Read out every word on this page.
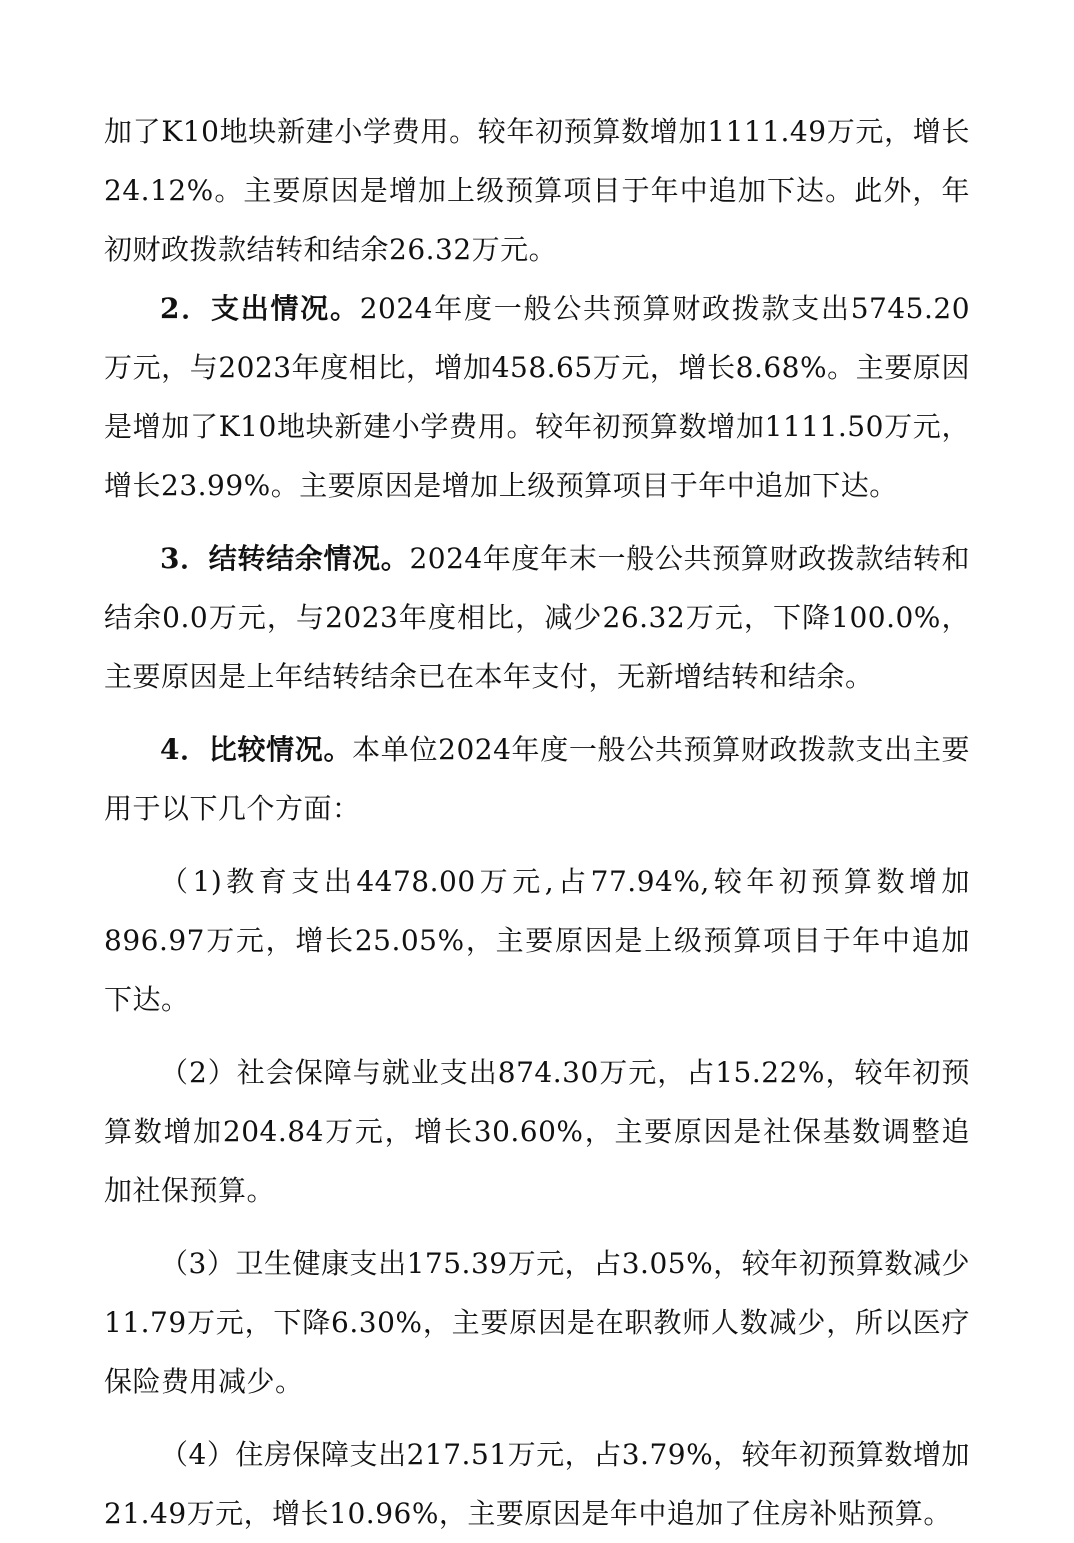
加了K10地块新建小学费用。较年初预算数增加1111.49万元，增长24.12%。主要原因是增加上级预算项目于年中追加下达。此外，年初财政拨款结转和结余26.32万元。

2．支出情况。2024年度一般公共预算财政拨款支出5745.20万元，与2023年度相比，增加458.65万元，增长8.68%。主要原因是增加了K10地块新建小学费用。较年初预算数增加1111.50万元，增长23.99%。主要原因是增加上级预算项目于年中追加下达。

3．结转结余情况。2024年度年末一般公共预算财政拨款结转和结余0.0万元，与2023年度相比，减少26.32万元，下降100.0%，主要原因是上年结转结余已在本年支付，无新增结转和结余。

4．比较情况。本单位2024年度一般公共预算财政拨款支出主要用于以下几个方面：

（1)教育支出4478.00万元,占77.94%,较年初预算数增加896.97万元，增长25.05%，主要原因是上级预算项目于年中追加下达。

（2）社会保障与就业支出874.30万元，占15.22%，较年初预算数增加204.84万元，增长30.60%，主要原因是社保基数调整追加社保预算。

（3）卫生健康支出175.39万元，占3.05%，较年初预算数减少11.79万元，下降6.30%，主要原因是在职教师人数减少，所以医疗保险费用减少。

（4）住房保障支出217.51万元，占3.79%，较年初预算数增加21.49万元，增长10.96%，主要原因是年中追加了住房补贴预算。
